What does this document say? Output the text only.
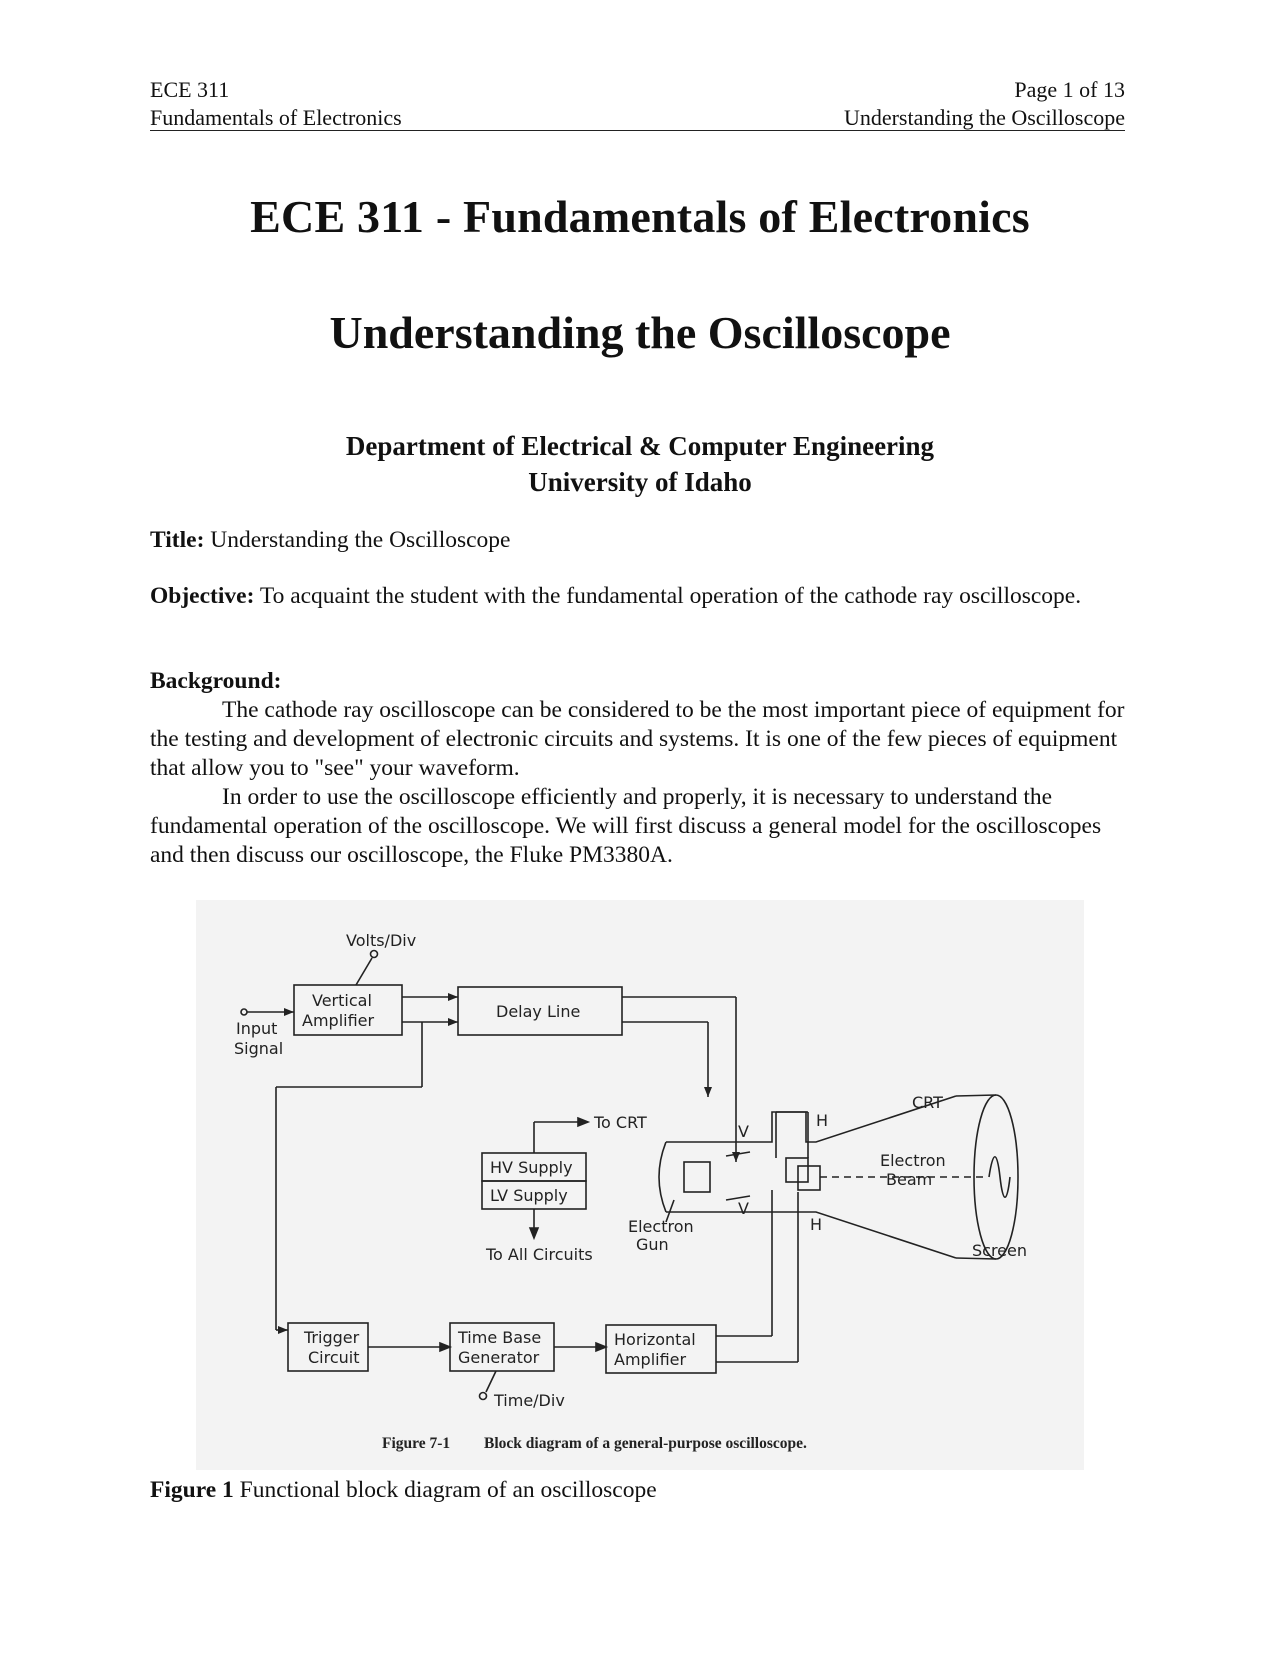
ECE 311
Fundamentals of Electronics
Page 1 of 13
Understanding the Oscilloscope
ECE 311 - Fundamentals of Electronics
Understanding the Oscilloscope
Department of Electrical & Computer Engineering
University of Idaho
Title: Understanding the Oscilloscope
Objective: To acquaint the student with the fundamental operation of the cathode ray oscilloscope.
Background:
The cathode ray oscilloscope can be considered to be the most important piece of equipment for the testing and development of electronic circuits and systems. It is one of the few pieces of equipment that allow you to "see" your waveform.
In order to use the oscilloscope efficiently and properly, it is necessary to understand the fundamental operation of the oscilloscope. We will first discuss a general model for the oscilloscopes and then discuss our oscilloscope, the Fluke PM3380A.
Volts/Div
Vertical
Amplifier
Input
Signal
Delay Line
To CRT
HV Supply
LV Supply
To All Circuits
Electron
Gun
V
V
H
H
CRT
Electron
Beam
Screen
Trigger
Circuit
Time Base
Generator
Horizontal
Amplifier
Time/Div
Figure 7-1 Block diagram of a general-purpose oscilloscope.
Figure 1 Functional block diagram of an oscilloscope
